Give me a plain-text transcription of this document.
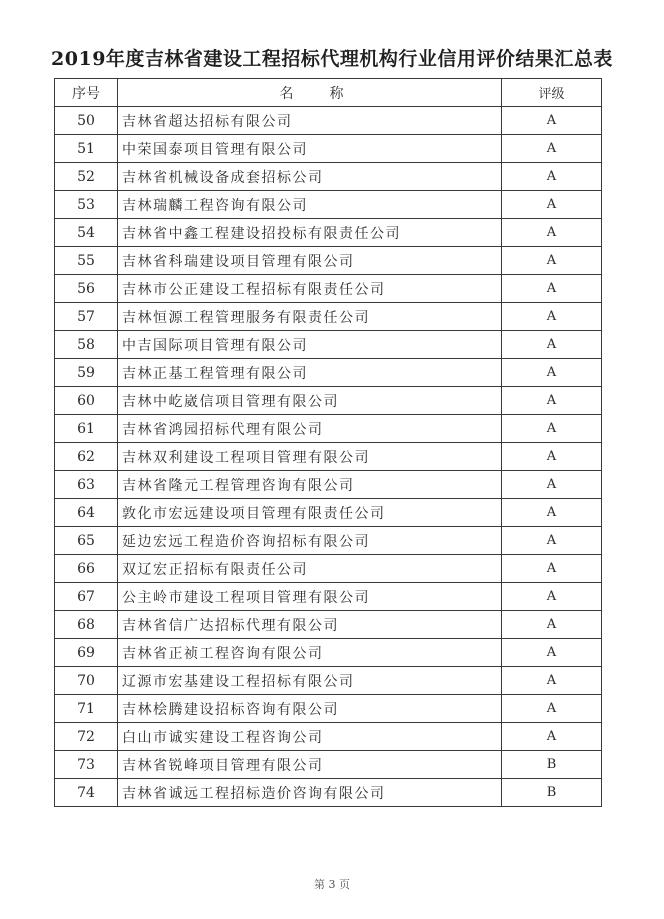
2019年度吉林省建设工程招标代理机构行业信用评价结果汇总表
序号	名 称	评级
50	吉林省超达招标有限公司	A
51	中荣国泰项目管理有限公司	A
52	吉林省机械设备成套招标公司	A
53	吉林瑞麟工程咨询有限公司	A
54	吉林省中鑫工程建设招投标有限责任公司	A
55	吉林省科瑞建设项目管理有限公司	A
56	吉林市公正建设工程招标有限责任公司	A
57	吉林恒源工程管理服务有限责任公司	A
58	中吉国际项目管理有限公司	A
59	吉林正基工程管理有限公司	A
60	吉林中屹崴信项目管理有限公司	A
61	吉林省鸿园招标代理有限公司	A
62	吉林双利建设工程项目管理有限公司	A
63	吉林省隆元工程管理咨询有限公司	A
64	敦化市宏远建设项目管理有限责任公司	A
65	延边宏远工程造价咨询招标有限公司	A
66	双辽宏正招标有限责任公司	A
67	公主岭市建设工程项目管理有限公司	A
68	吉林省信广达招标代理有限公司	A
69	吉林省正祯工程咨询有限公司	A
70	辽源市宏基建设工程招标有限公司	A
71	吉林桧腾建设招标咨询有限公司	A
72	白山市诚实建设工程咨询公司	A
73	吉林省锐峰项目管理有限公司	B
74	吉林省诚远工程招标造价咨询有限公司	B
第 3 页
